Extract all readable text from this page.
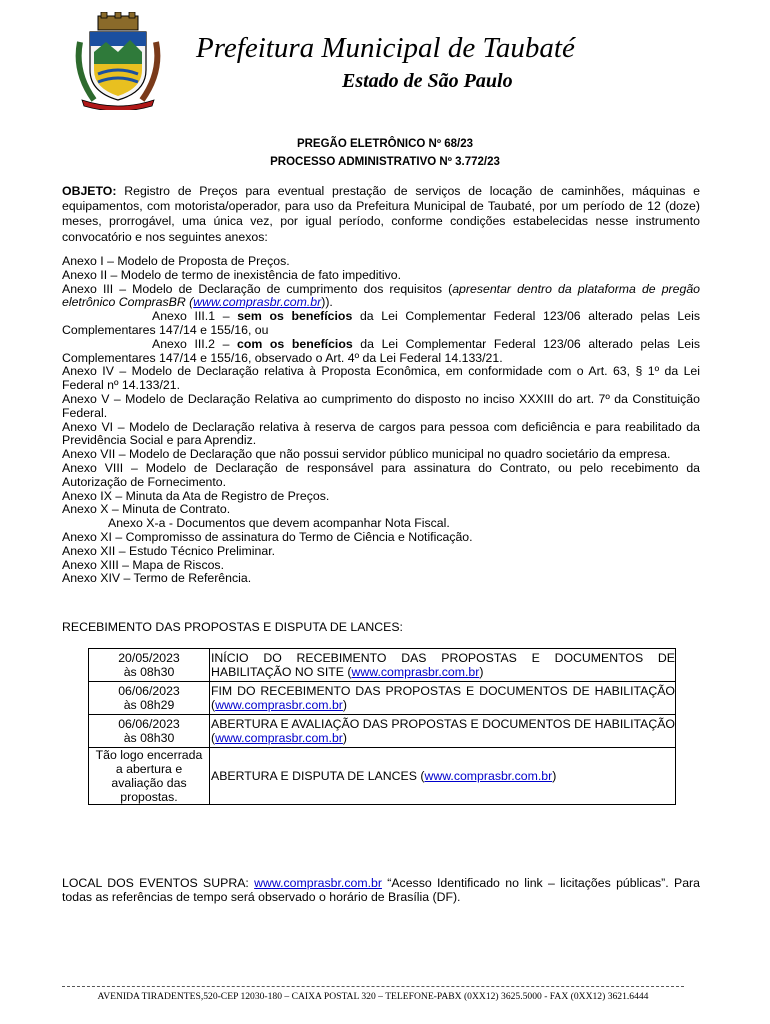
Prefeitura Municipal de Taubaté
Estado de São Paulo
PREGÃO ELETRÔNICO Nº 68/23
PROCESSO ADMINISTRATIVO Nº 3.772/23
OBJETO: Registro de Preços para eventual prestação de serviços de locação de caminhões, máquinas e equipamentos, com motorista/operador, para uso da Prefeitura Municipal de Taubaté, por um período de 12 (doze) meses, prorrogável, uma única vez, por igual período, conforme condições estabelecidas nesse instrumento convocatório e nos seguintes anexos:

Anexo I – Modelo de Proposta de Preços.

Anexo II – Modelo de termo de inexistência de fato impeditivo.

Anexo III – Modelo de Declaração de cumprimento dos requisitos (apresentar dentro da plataforma de pregão eletrônico ComprasBR (www.comprasbr.com.br)).

Anexo III.1 – sem os benefícios da Lei Complementar Federal 123/06 alterado pelas Leis Complementares 147/14 e 155/16, ou

Anexo III.2 – com os benefícios da Lei Complementar Federal 123/06 alterado pelas Leis Complementares 147/14 e 155/16, observado o Art. 4º da Lei Federal 14.133/21.

Anexo IV – Modelo de Declaração relativa à Proposta Econômica, em conformidade com o Art. 63, § 1º da Lei Federal nº 14.133/21.

Anexo V – Modelo de Declaração Relativa ao cumprimento do disposto no inciso XXXIII do art. 7º da Constituição Federal.

Anexo VI – Modelo de Declaração relativa à reserva de cargos para pessoa com deficiência e para reabilitado da Previdência Social e para Aprendiz.

Anexo VII – Modelo de Declaração que não possui servidor público municipal no quadro societário da empresa.

Anexo VIII – Modelo de Declaração de responsável para assinatura do Contrato, ou pelo recebimento da Autorização de Fornecimento.

Anexo IX – Minuta da Ata de Registro de Preços.

Anexo X – Minuta de Contrato.

Anexo X-a - Documentos que devem acompanhar Nota Fiscal.

Anexo XI – Compromisso de assinatura do Termo de Ciência e Notificação.

Anexo XII – Estudo Técnico Preliminar.

Anexo XIII – Mapa de Riscos.

Anexo XIV – Termo de Referência.

RECEBIMENTO DAS PROPOSTAS E DISPUTA DE LANCES:
20/05/2023
às 08h30	INÍCIO DO RECEBIMENTO DAS PROPOSTAS E DOCUMENTOS DE HABILITAÇÃO NO SITE (www.comprasbr.com.br)
06/06/2023
às 08h29	FIM DO RECEBIMENTO DAS PROPOSTAS E DOCUMENTOS DE HABILITAÇÃO (www.comprasbr.com.br)
06/06/2023
às 08h30	ABERTURA E AVALIAÇÃO DAS PROPOSTAS E DOCUMENTOS DE HABILITAÇÃO (www.comprasbr.com.br)
Tão logo encerrada a abertura e avaliação das propostas.	ABERTURA E DISPUTA DE LANCES (www.comprasbr.com.br)
LOCAL DOS EVENTOS SUPRA: www.comprasbr.com.br “Acesso Identificado no link – licitações públicas”. Para todas as referências de tempo será observado o horário de Brasília (DF).
AVENIDA TIRADENTES,520-CEP 12030-180 – CAIXA POSTAL 320 – TELEFONE-PABX (0XX12) 3625.5000 - FAX (0XX12) 3621.6444
